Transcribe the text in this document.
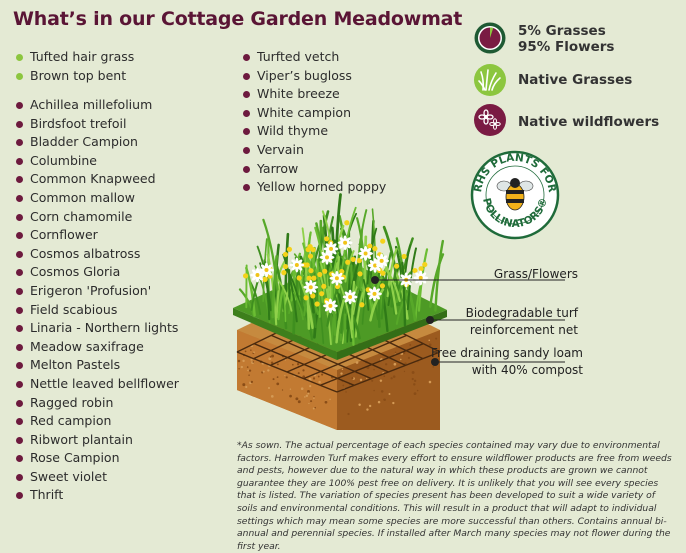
What’s in our Cottage Garden Meadowmat
Tufted hair grass
Brown top bent
Achillea millefolium
Birdsfoot trefoil
Bladder Campion
Columbine
Common Knapweed
Common mallow
Corn chamomile
Cornflower
Cosmos albatross
Cosmos Gloria
Erigeron 'Profusion'
Field scabious
Linaria - Northern lights
Meadow saxifrage
Melton Pastels
Nettle leaved bellflower
Ragged robin
Red campion
Ribwort plantain
Rose Campion
Sweet violet
Thrift
Turfted vetch
Viper’s bugloss
White breeze
White campion
Wild thyme
Vervain
Yarrow
Yellow horned poppy
5% Grasses
95% Flowers
Native Grasses
Native wildflowers
RHS PLANTS FOR
POLLINATORS®
Grass/Flowers
Biodegradable turf
reinforcement net
Free draining sandy loam
with 40% compost
*As sown. The actual percentage of each species contained may vary due to environmental factors. Harrowden Turf makes every effort to ensure wildflower products are free from weeds and pests, however due to the natural way in which these products are grown we cannot guarantee they are 100% pest free on delivery. It is unlikely that you will see every species that is listed. The variation of species present has been developed to suit a wide variety of soils and environmental conditions. This will result in a product that will adapt to individual settings which may mean some species are more successful than others. Contains annual bi-annual and perennial species. If installed after March many species may not flower during the first year.
